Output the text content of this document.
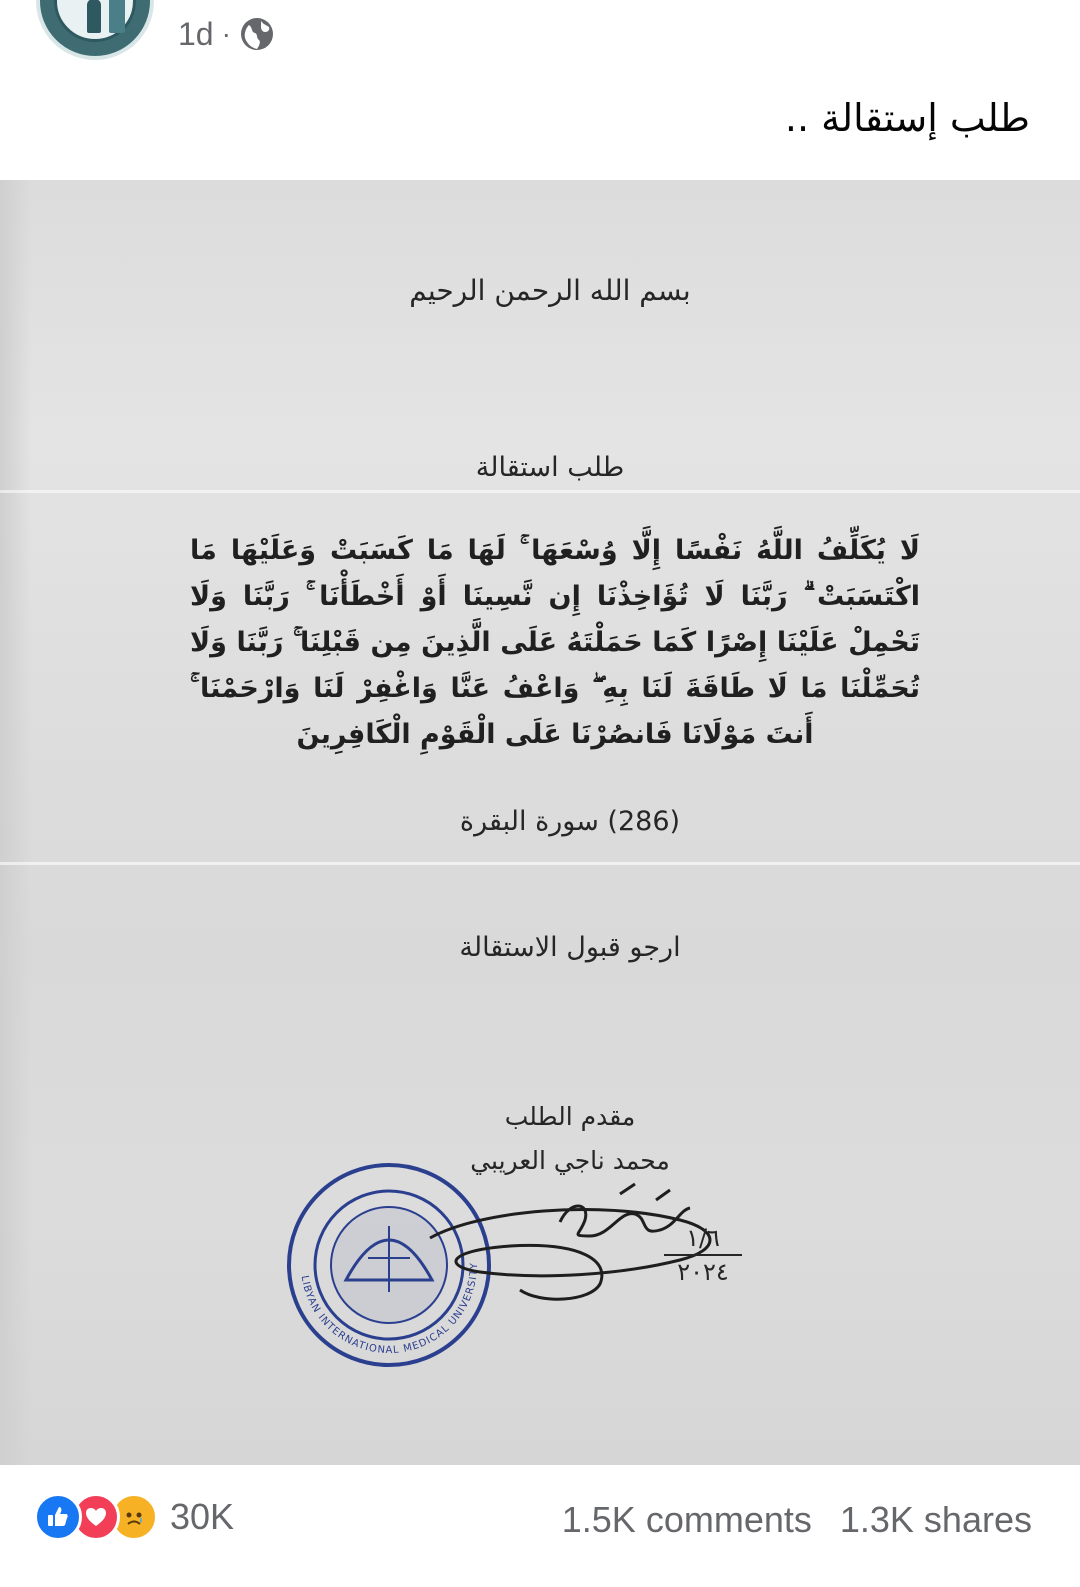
1d ·
طلب إستقالة ..
بسم الله الرحمن الرحيم
طلب استقالة
لَا يُكَلِّفُ اللَّهُ نَفْسًا إِلَّا وُسْعَهَا ۚ لَهَا مَا كَسَبَتْ وَعَلَيْهَا مَا اكْتَسَبَتْ ۗ رَبَّنَا لَا تُؤَاخِذْنَا إِن نَّسِينَا أَوْ أَخْطَأْنَا ۚ رَبَّنَا وَلَا تَحْمِلْ عَلَيْنَا إِصْرًا كَمَا حَمَلْتَهُ عَلَى الَّذِينَ مِن قَبْلِنَا ۚ رَبَّنَا وَلَا تُحَمِّلْنَا مَا لَا طَاقَةَ لَنَا بِهِ ۖ وَاعْفُ عَنَّا وَاغْفِرْ لَنَا وَارْحَمْنَا ۚ أَنتَ مَوْلَانَا فَانصُرْنَا عَلَى الْقَوْمِ الْكَافِرِينَ
(286) سورة البقرة
ارجو قبول الاستقالة
مقدم الطلب
محمد ناجي العريبي
LIBYAN INTERNATIONAL MEDICAL UNIVERSITY
١/٦
٢٠٢٤
30K	1.5K comments 1.3K shares
